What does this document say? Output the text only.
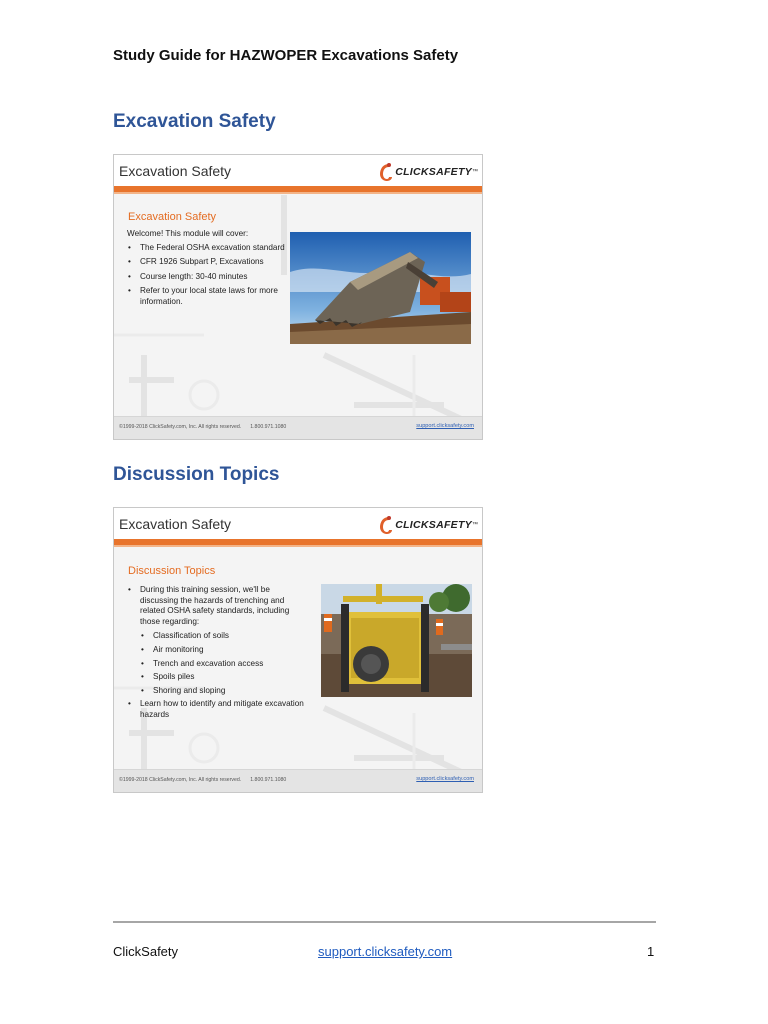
Study Guide for HAZWOPER Excavations Safety
Excavation Safety
Excavation Safety	CLICKSAFETY ™
Excavation Safety
Welcome! This module will cover:
• The Federal OSHA excavation standard
• CFR 1926 Subpart P, Excavations
• Course length: 30-40 minutes
• Refer to your local state laws for more information.
©1999-2018 ClickSafety.com, Inc. All rights reserved. 1.800.971.1080	support.clicksafety.com
Discussion Topics
Excavation Safety	CLICKSAFETY ™
Discussion Topics
• During this training session, we'll be discussing the hazards of trenching and related OSHA safety standards, including those regarding:
• Classification of soils
• Air monitoring
• Trench and excavation access
• Spoils piles
• Shoring and sloping
• Learn how to identify and mitigate excavation hazards
©1999-2018 ClickSafety.com, Inc. All rights reserved. 1.800.971.1080	support.clicksafety.com
ClickSafety	support.clicksafety.com	1
